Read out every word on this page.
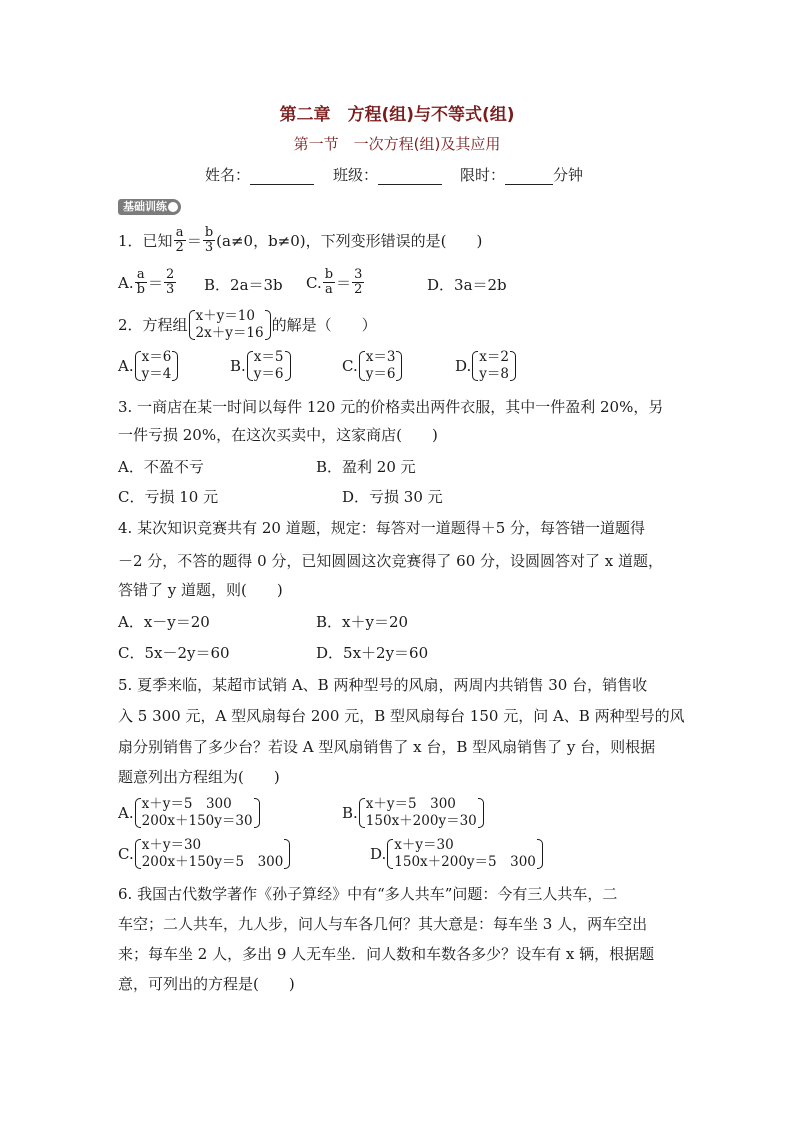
第二章　方程(组)与不等式(组)
第一节　一次方程(组)及其应用
姓名：	班级：	限时：	分钟
基础训练
1．已知 $\frac{a}{2} = \frac{b}{3} (a\ne 0$，b≠0)，下列变形错误的是(　　)
A. $\frac{a}{b} = \frac{2}{3}$ B．2a＝3b C. $\frac{b}{a} = \frac{3}{2}$	D．3a＝2b
2．方程组 x＋y＝10
2x＋y＝16 的解是（　　）
A. x＝6
y＝4	B. x＝5
y＝6	C. x＝3
y＝6	D. x＝2
y＝8
3. 一商店在某一时间以每件 120 元的价格卖出两件衣服，其中一件盈利 20%，另
一件亏损 20%，在这次买卖中，这家商店(　　)
A．不盈不亏	B．盈利 20 元
C．亏损 10 元	D．亏损 30 元
4. 某次知识竞赛共有 20 道题，规定：每答对一道题得＋5 分，每答错一道题得
－2 分，不答的题得 0 分，已知圆圆这次竞赛得了 60 分，设圆圆答对了 x 道题，
答错了 y 道题，则(　　)
A．x－y＝20	B．x＋y＝20
C．5x－2y＝60	D．5x＋2y＝60
5. 夏季来临，某超市试销 A、B 两种型号的风扇，两周内共销售 30 台，销售收
入 5 300 元，A 型风扇每台 200 元，B 型风扇每台 150 元，问 A、B 两种型号的风
扇分别销售了多少台？若设 A 型风扇销售了 x 台，B 型风扇销售了 y 台，则根据
题意列出方程组为(　　)
A. x＋y＝5　300
200x＋150y＝30	B. x＋y＝5　300
150x＋200y＝30
C. x＋y＝30
200x＋150y＝5　300	D. x＋y＝30
150x＋200y＝5　300
6. 我国古代数学著作《孙子算经》中有“多人共车”问题：今有三人共车，二
车空；二人共车，九人步，问人与车各几何？其大意是：每车坐 3 人，两车空出
来；每车坐 2 人，多出 9 人无车坐．问人数和车数各多少？设车有 x 辆，根据题
意，可列出的方程是(　　)
